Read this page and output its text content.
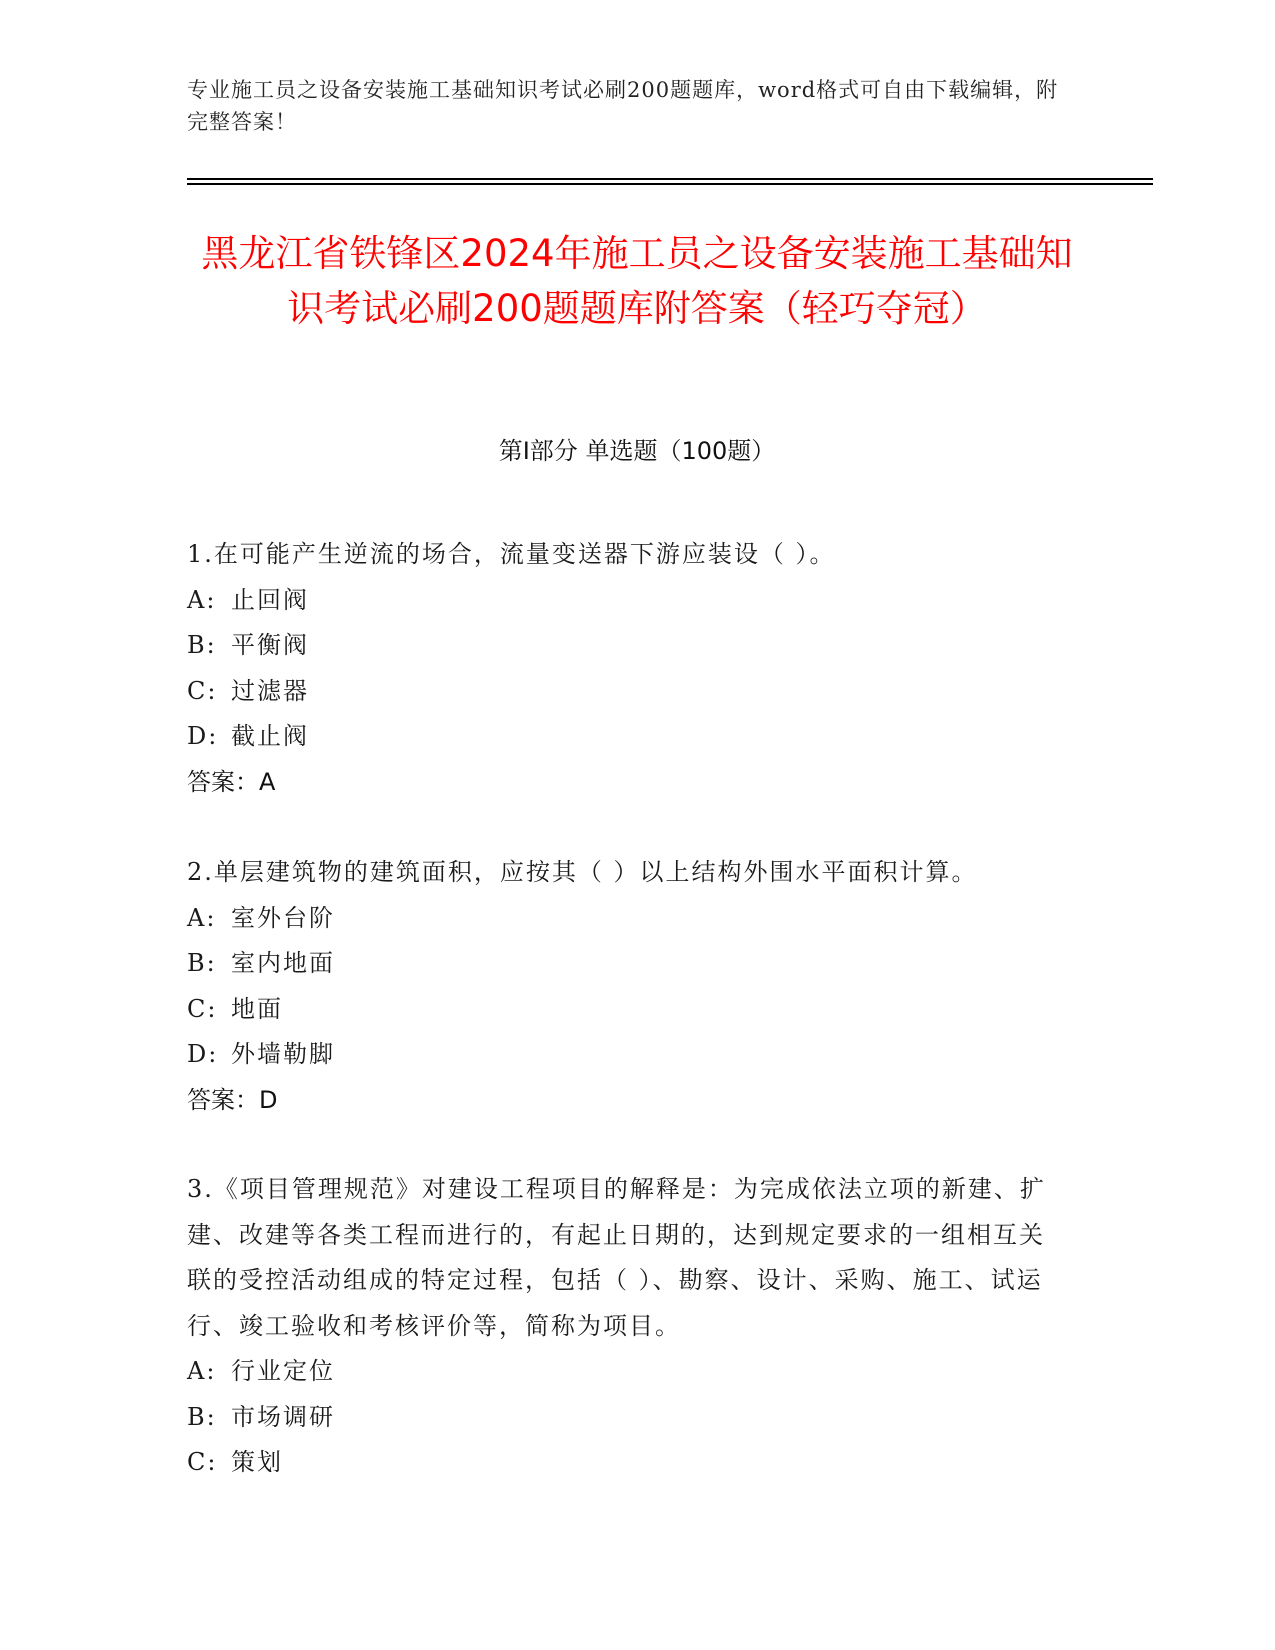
专业施工员之设备安装施工基础知识考试必刷200题题库，word格式可自由下载编辑，附完整答案！
黑龙江省铁锋区2024年施工员之设备安装施工基础知识考试必刷200题题库附答案（轻巧夺冠）
第Ⅰ部分 单选题（100题）

1.在可能产生逆流的场合，流量变送器下游应装设（ ）。

A: 止回阀

B: 平衡阀

C: 过滤器

D: 截止阀

答案：A

2.单层建筑物的建筑面积，应按其（ ）以上结构外围水平面积计算。

A: 室外台阶

B: 室内地面

C: 地面

D: 外墙勒脚

答案：D

3.《项目管理规范》对建设工程项目的解释是：为完成依法立项的新建、扩建、改建等各类工程而进行的，有起止日期的，达到规定要求的一组相互关联的受控活动组成的特定过程，包括（ ）、勘察、设计、采购、施工、试运行、竣工验收和考核评价等，简称为项目。

A: 行业定位

B: 市场调研

C: 策划
